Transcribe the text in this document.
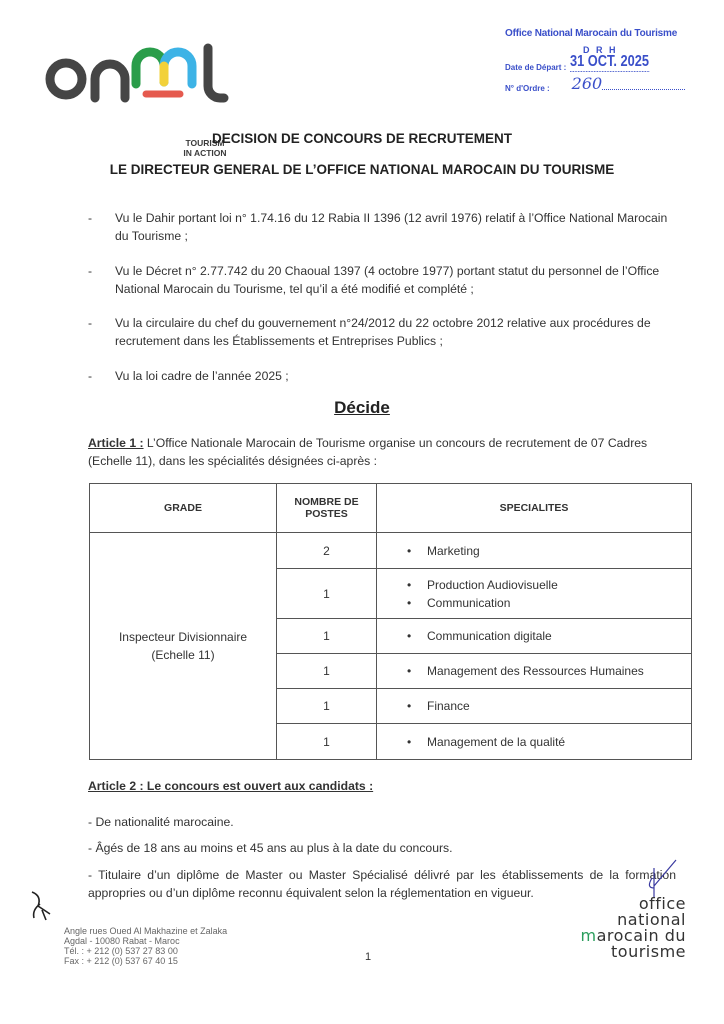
TOURISM
IN ACTION
Office National Marocain du Tourisme
D R H
Date de Départ : 31 OCT. 2025
N° d'Ordre : 260
DECISION DE CONCOURS DE RECRUTEMENT
LE DIRECTEUR GENERAL DE L’OFFICE NATIONAL MAROCAIN DU TOURISME
- Vu le Dahir portant loi n° 1.74.16 du 12 Rabia II 1396 (12 avril 1976) relatif à l’Office National Marocain du Tourisme ;
- Vu le Décret n° 2.77.742 du 20 Chaoual 1397 (4 octobre 1977) portant statut du personnel de l’Office National Marocain du Tourisme, tel qu’il a été modifié et complété ;
- Vu la circulaire du chef du gouvernement n°24/2012 du 22 octobre 2012 relative aux procédures de recrutement dans les Établissements et Entreprises Publics ;
- Vu la loi cadre de l’année 2025 ;
Décide
Article 1 : L’Office Nationale Marocain de Tourisme organise un concours de recrutement de 07 Cadres (Echelle 11), dans les spécialités désignées ci-après :
GRADE	NOMBRE DE POSTES	SPECIALITES

Inspecteur Divisionnaire
(Echelle 11)	2	• Marketing

	1	• Production Audiovisuelle
• Communication

	1	• Communication digitale

	1	• Management des Ressources Humaines

	1	• Finance

	1	• Management de la qualité
Article 2 : Le concours est ouvert aux candidats :
- De nationalité marocaine.
- Âgés de 18 ans au moins et 45 ans au plus à la date du concours.
- Titulaire d’un diplôme de Master ou Master Spécialisé délivré par les établissements de la formation appropries ou d’un diplôme reconnu équivalent selon la réglementation en vigueur.
Angle rues Oued Al Makhazine et Zalaka
Agdal - 10080 Rabat - Maroc
Tél. : + 212 (0) 537 27 83 00
Fax : + 212 (0) 537 67 40 15	1
office
national
marocain du
tourisme
